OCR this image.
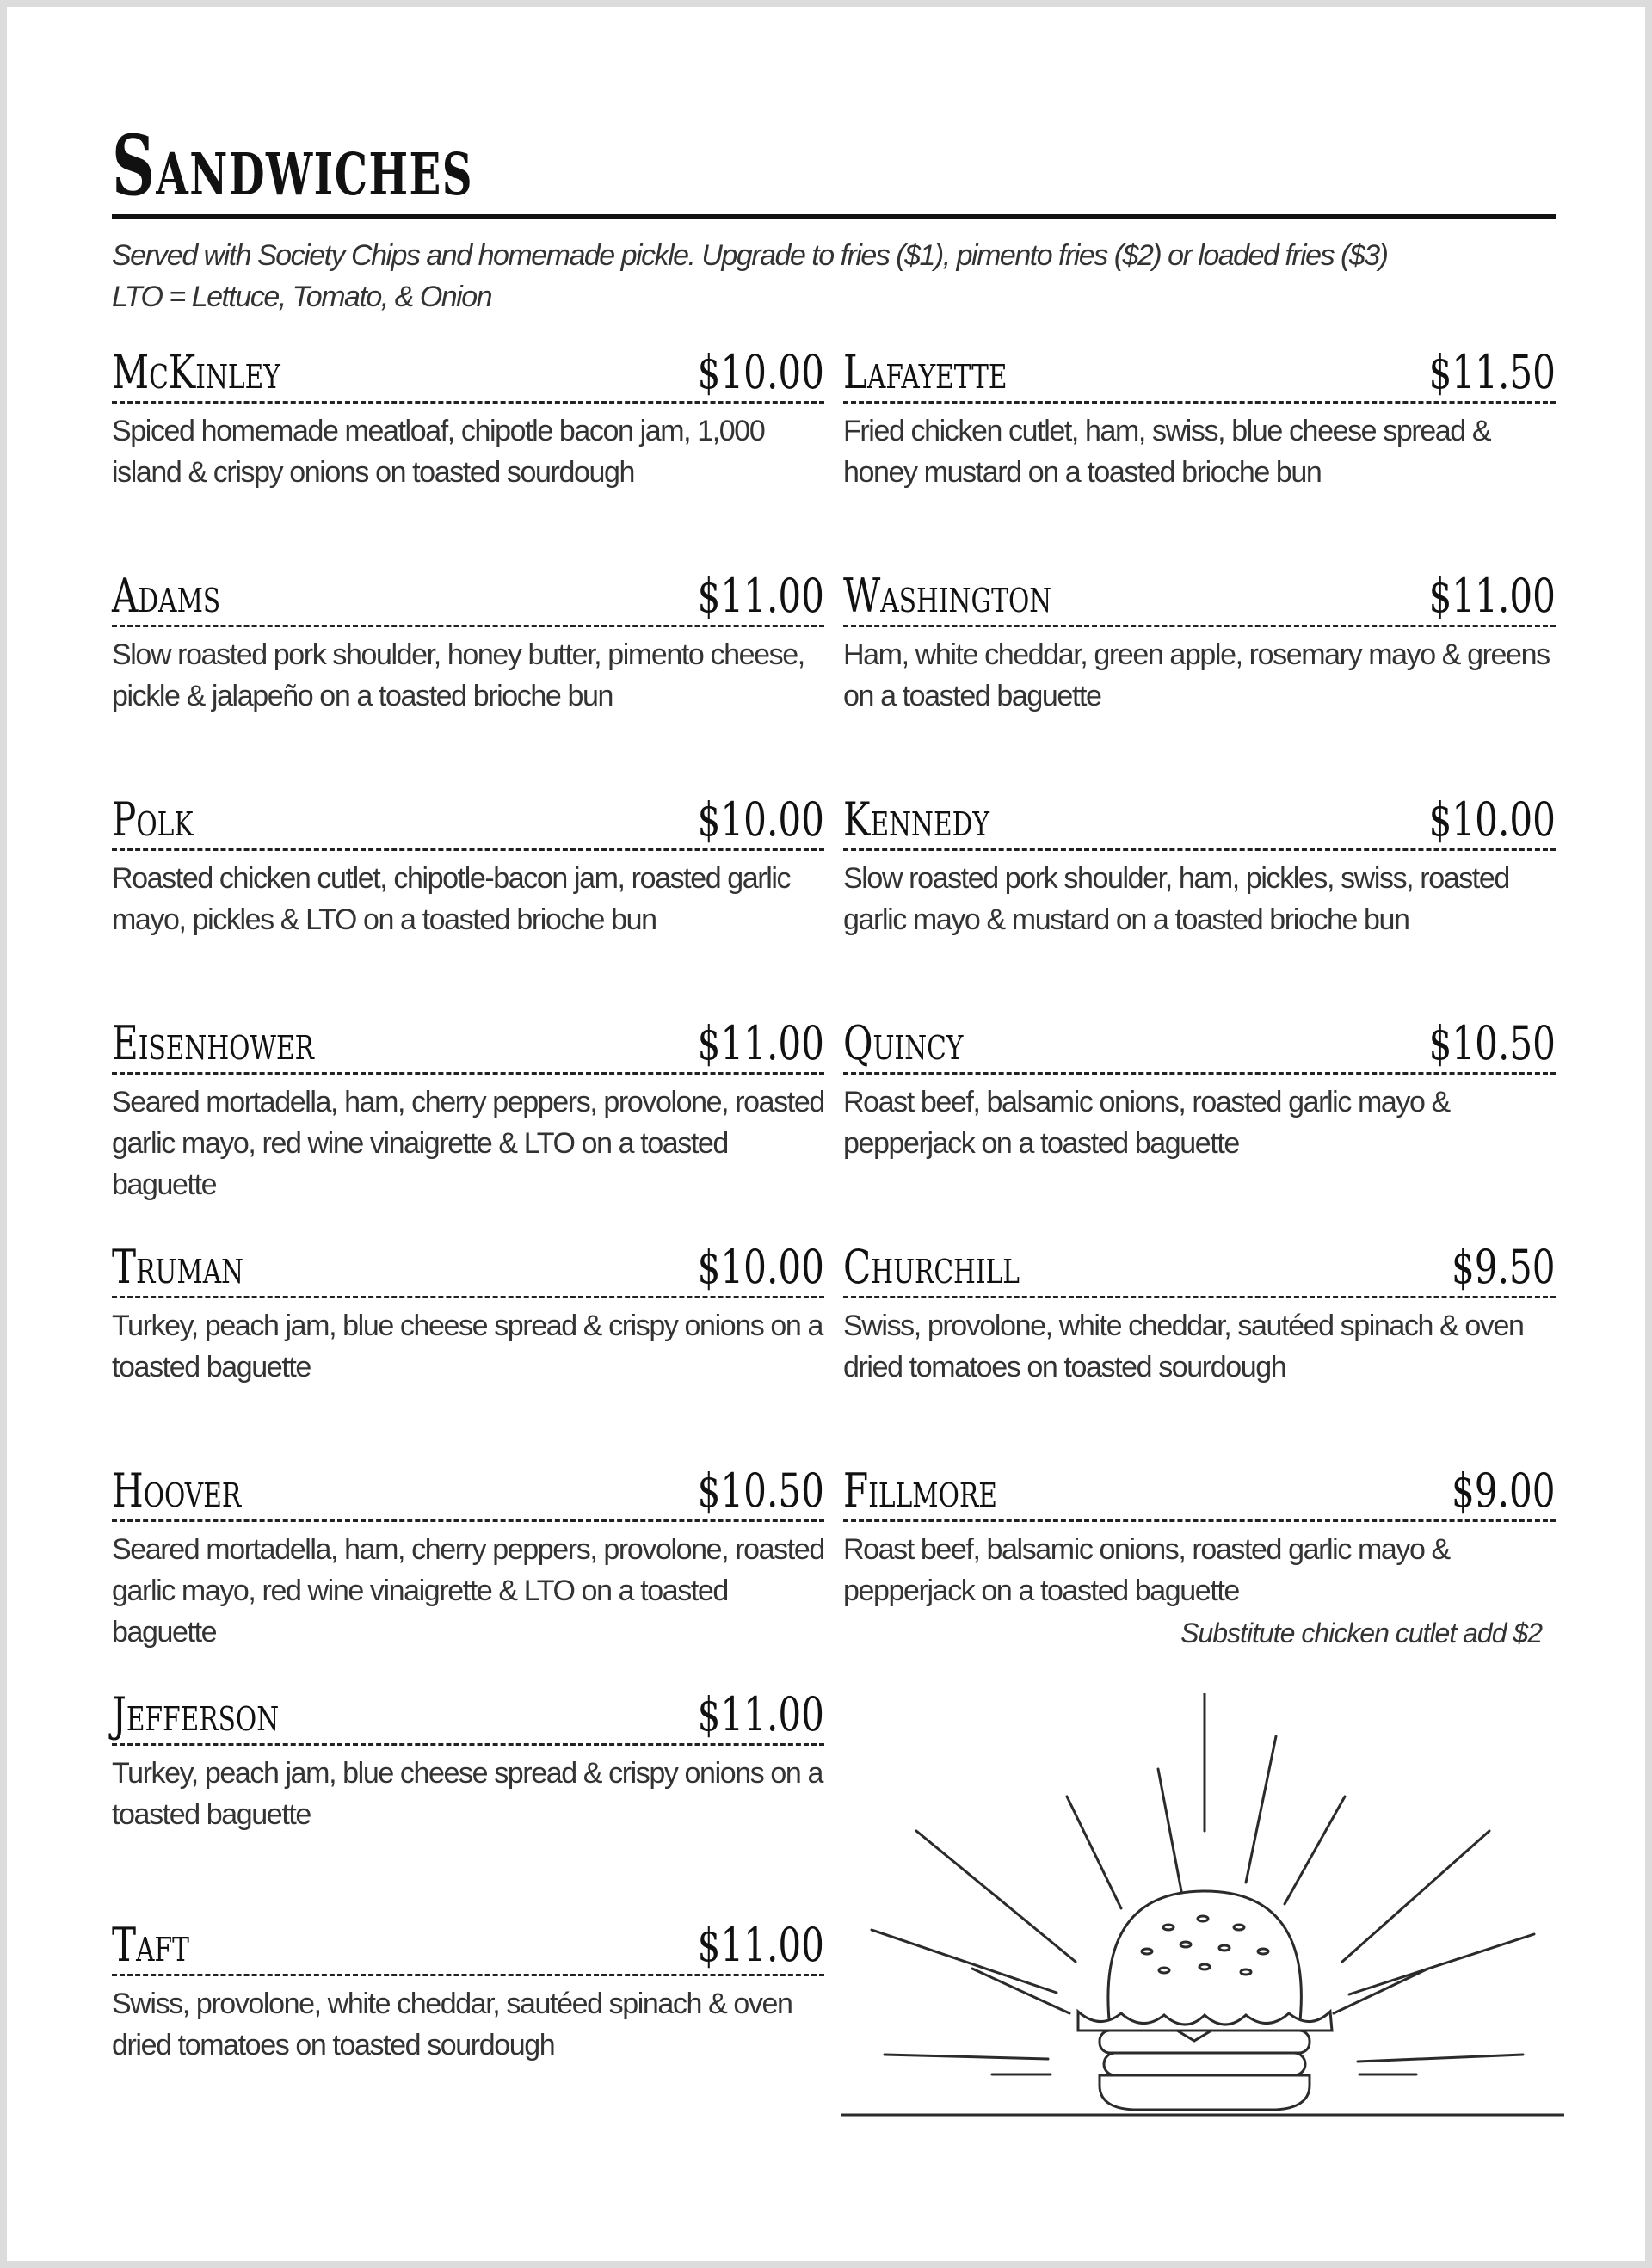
Sandwiches
Served with Society Chips and homemade pickle. Upgrade to fries ($1), pimento fries ($2) or loaded fries ($3)
LTO = Lettuce, Tomato, & Onion
McKinley	$10.00
Spiced homemade meatloaf, chipotle bacon jam, 1,000 island & crispy onions on toasted sourdough
Adams	$11.00
Slow roasted pork shoulder, honey butter, pimento cheese, pickle & jalapeño on a toasted brioche bun
Polk	$10.00
Roasted chicken cutlet, chipotle-bacon jam, roasted garlic mayo, pickles & LTO on a toasted brioche bun
Eisenhower	$11.00
Seared mortadella, ham, cherry peppers, provolone, roasted garlic mayo, red wine vinaigrette & LTO on a toasted baguette
Truman	$10.00
Turkey, peach jam, blue cheese spread & crispy onions on a toasted baguette
Hoover	$10.50
Seared mortadella, ham, cherry peppers, provolone, roasted garlic mayo, red wine vinaigrette & LTO on a toasted baguette
Jefferson	$11.00
Turkey, peach jam, blue cheese spread & crispy onions on a toasted baguette
Taft	$11.00
Swiss, provolone, white cheddar, sautéed spinach & oven dried tomatoes on toasted sourdough
Lafayette	$11.50
Fried chicken cutlet, ham, swiss, blue cheese spread & honey mustard on a toasted brioche bun
Washington	$11.00
Ham, white cheddar, green apple, rosemary mayo & greens on a toasted baguette
Kennedy	$10.00
Slow roasted pork shoulder, ham, pickles, swiss, roasted garlic mayo & mustard on a toasted brioche bun
Quincy	$10.50
Roast beef, balsamic onions, roasted garlic mayo & pepperjack on a toasted baguette
Churchill	$9.50
Swiss, provolone, white cheddar, sautéed spinach & oven dried tomatoes on toasted sourdough
Fillmore	$9.00
Roast beef, balsamic onions, roasted garlic mayo & pepperjack on a toasted baguette
Substitute chicken cutlet add $2
